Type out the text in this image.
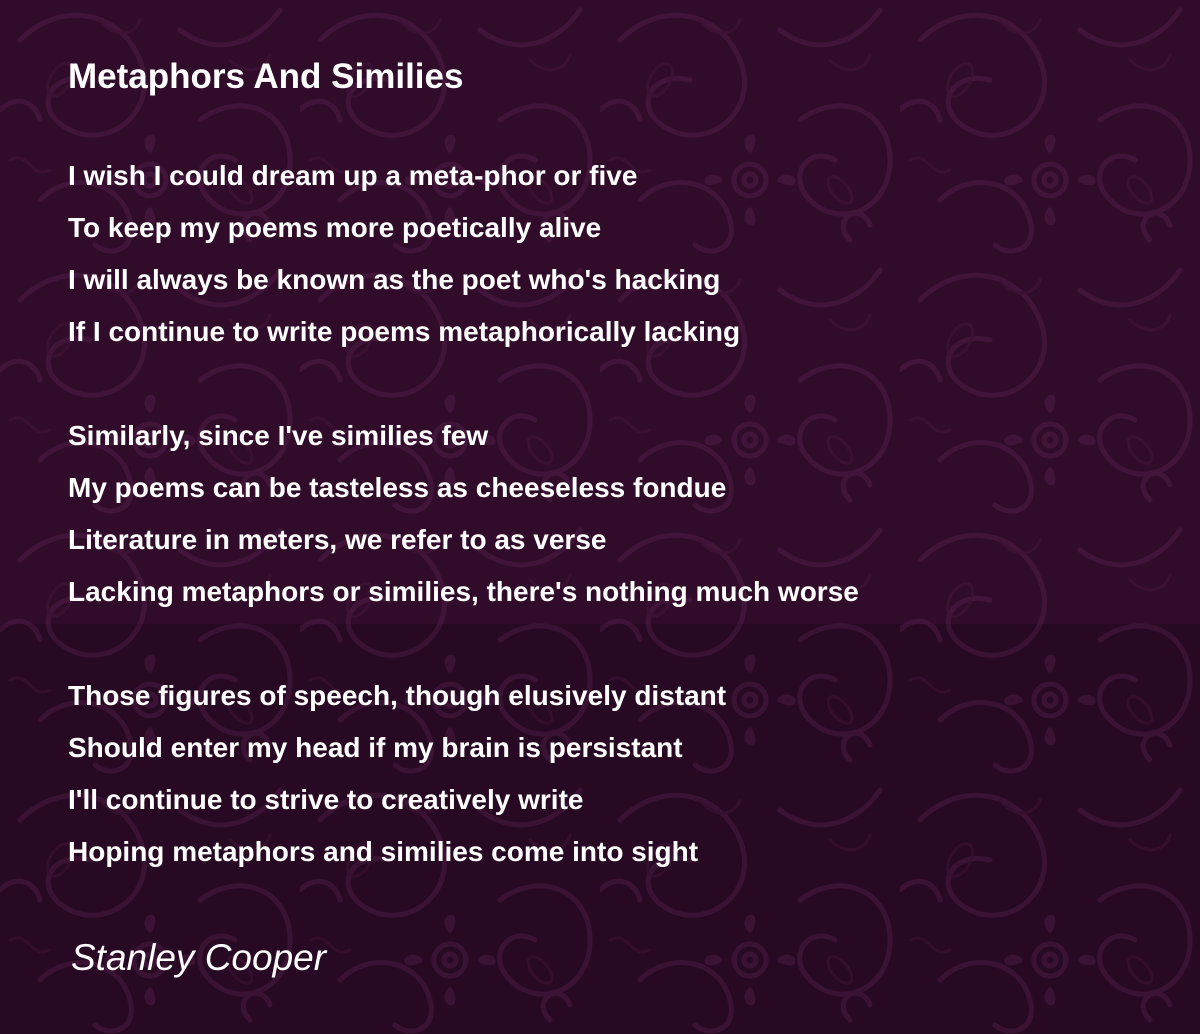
Metaphors And Similies
I wish I could dream up a meta-phor or five
To keep my poems more poetically alive
I will always be known as the poet who's hacking
If I continue to write poems metaphorically lacking
Similarly, since I've similies few
My poems can be tasteless as cheeseless fondue
Literature in meters, we refer to as verse
Lacking metaphors or similies, there's nothing much worse
Those figures of speech, though elusively distant
Should enter my head if my brain is persistant
I'll continue to strive to creatively write
Hoping metaphors and similies come into sight

Stanley Cooper
